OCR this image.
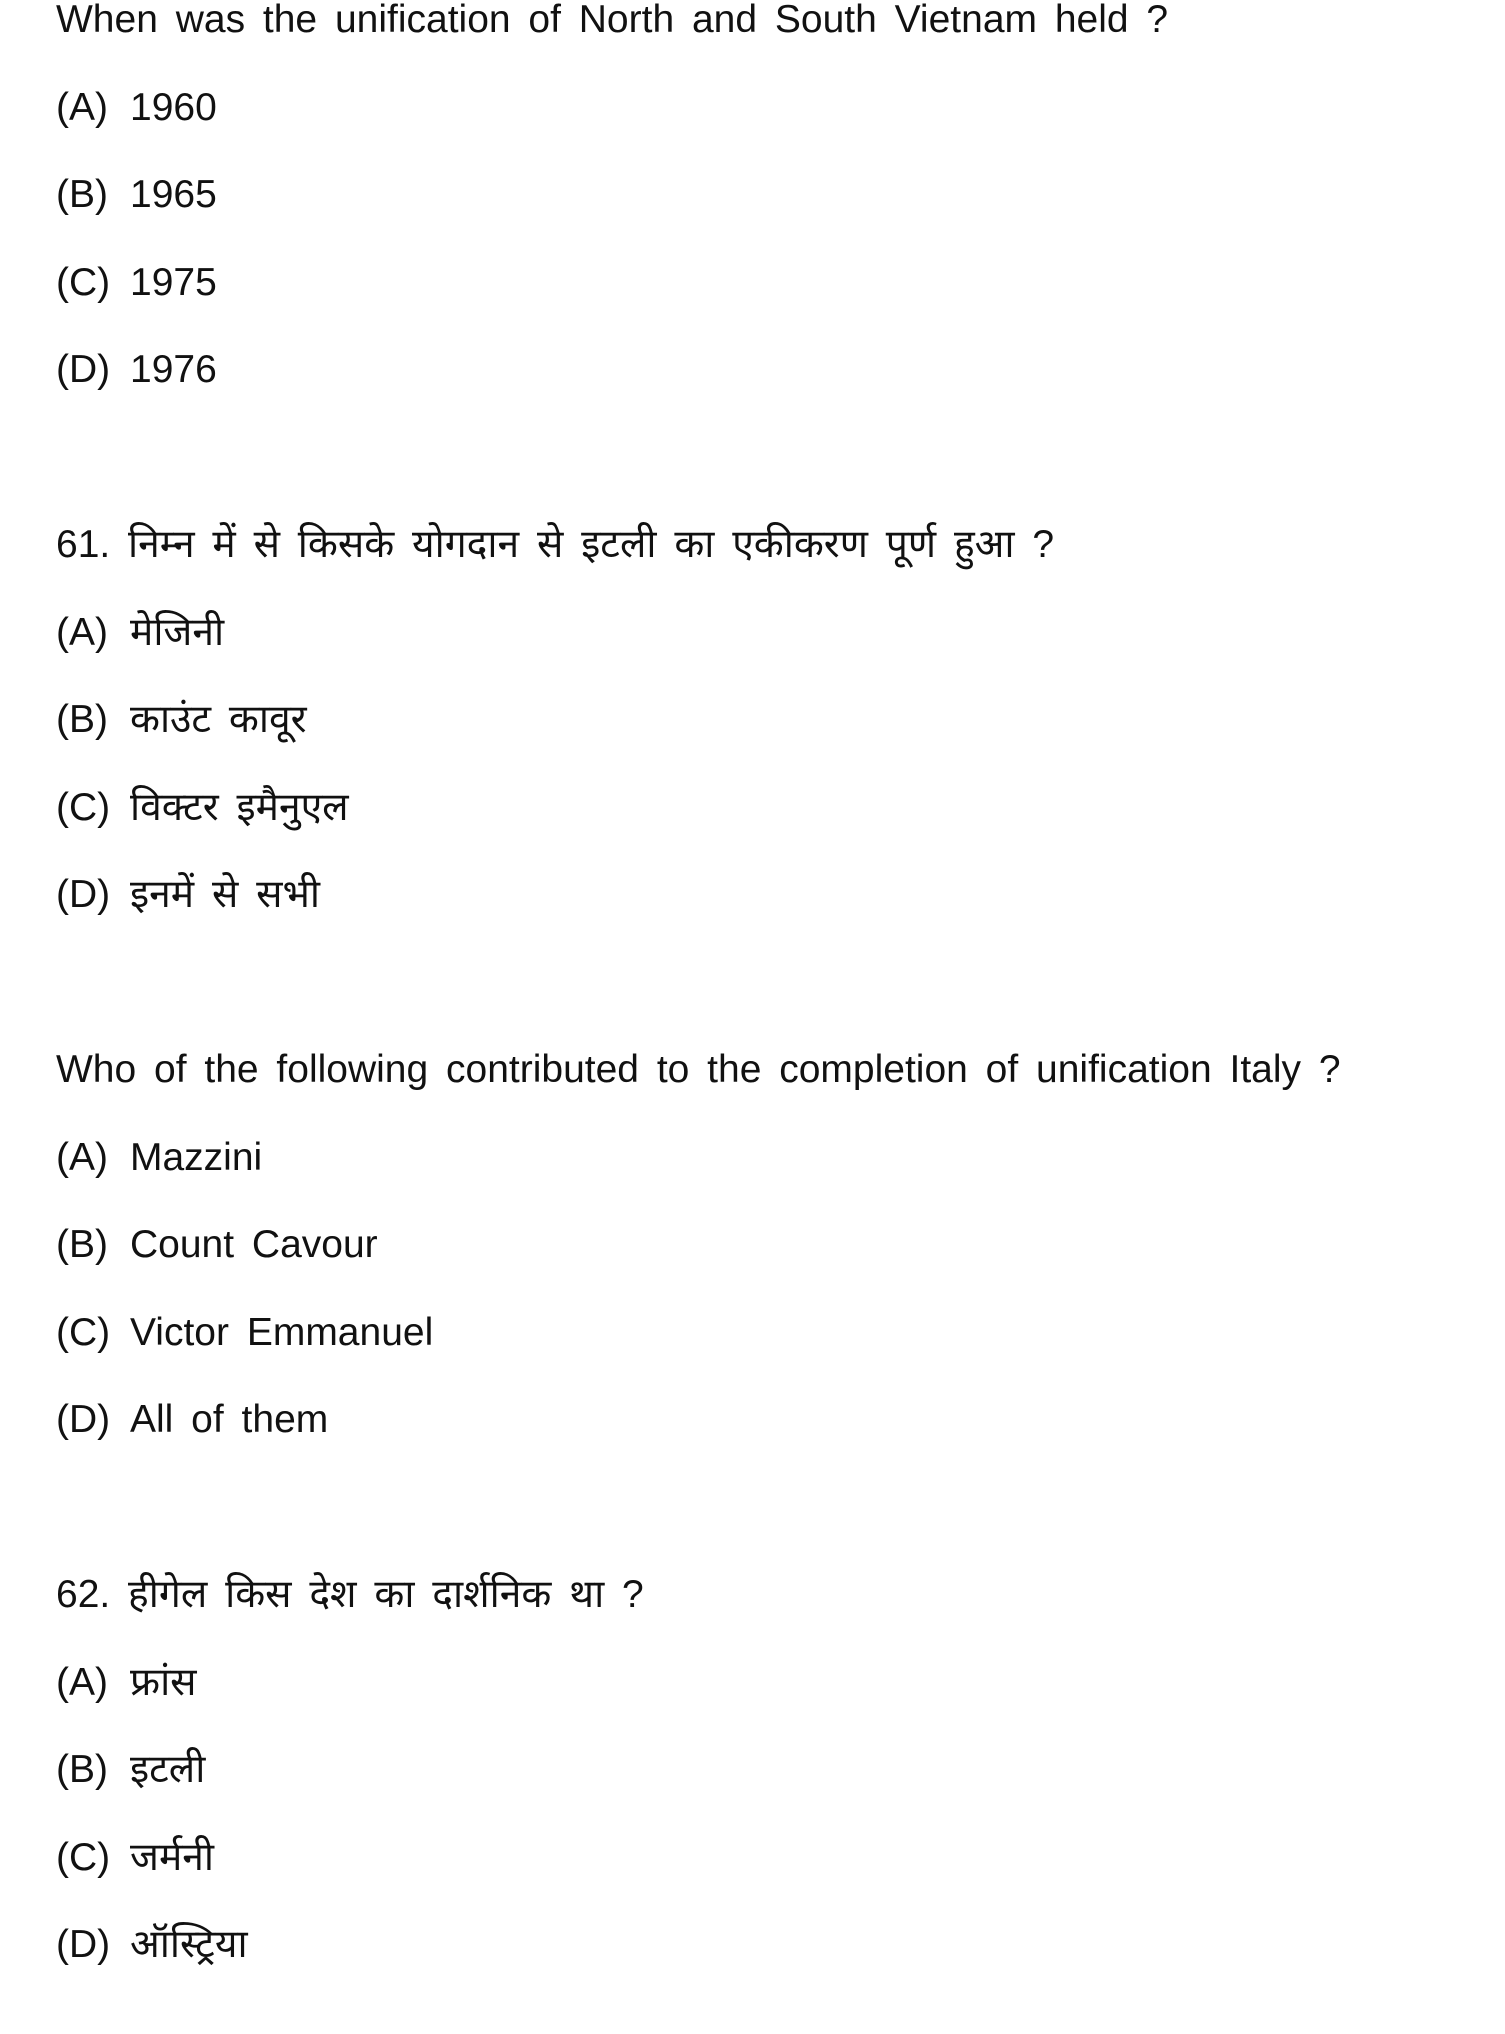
When was the unification of North and South Vietnam held ?
(A) 1960
(B) 1965
(C) 1975
(D) 1976
61. निम्न में से किसके योगदान से इटली का एकीकरण पूर्ण हुआ ?
(A) मेजिनी
(B) काउंट कावूर
(C) विक्टर इमैनुएल
(D) इनमें से सभी
Who of the following contributed to the completion of unification Italy ?
(A) Mazzini
(B) Count Cavour
(C) Victor Emmanuel
(D) All of them
62. हीगेल किस देश का दार्शनिक था ?
(A) फ्रांस
(B) इटली
(C) जर्मनी
(D) ऑस्ट्रिया
